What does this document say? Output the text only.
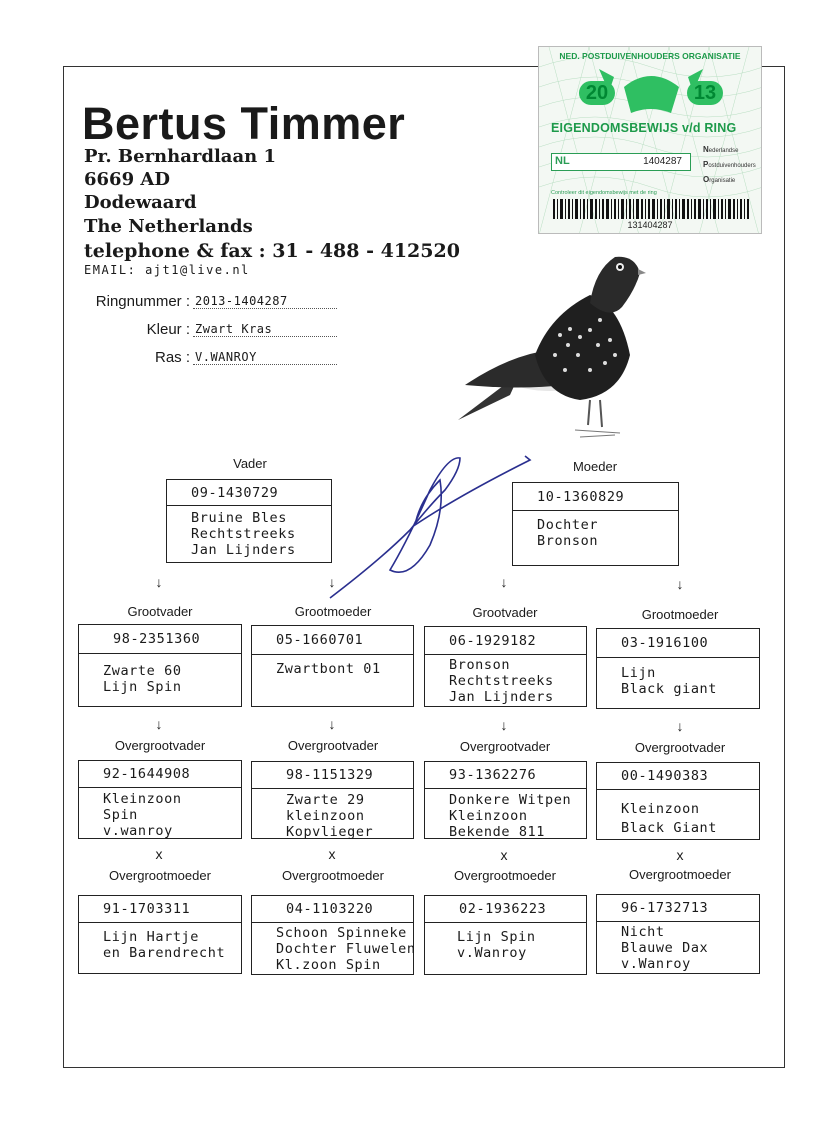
Bertus Timmer
Pr. Bernhardlaan 1
6669 AD
Dodewaard
The Netherlands
telephone & fax : 31 - 488 - 412520
EMAIL: ajt1@live.nl
Ringnummer : 2013-1404287
Kleur : Zwart Kras
Ras : V.WANROY
NED. POSTDUIVENHOUDERS ORGANISATIE
20	13
EIGENDOMSBEWIJS v/d RING
NL	1404287
Nederlandse
Postduivenhouders
Organisatie
Controleer dit eigendomsbewijs met de ring
131404287
Vader
09-1430729
Bruine Bles
Rechtstreeks
Jan Lijnders
Moeder
10-1360829
Dochter
Bronson
↓	↓	↓	↓
Grootvader	Grootmoeder	Grootvader	Grootmoeder
98-2351360
Zwarte 60
Lijn Spin
05-1660701
Zwartbont 01
06-1929182
Bronson
Rechtstreeks
Jan Lijnders
03-1916100
Lijn
Black giant
↓	↓	↓	↓
Overgrootvader	Overgrootvader	Overgrootvader	Overgrootvader
92-1644908
Kleinzoon
Spin
v.wanroy
98-1151329
Zwarte 29
kleinzoon
Kopvlieger
93-1362276
Donkere Witpen
Kleinzoon
Bekende 811
00-1490383
Kleinzoon
Black Giant
x	x	x	x
Overgrootmoeder	Overgrootmoeder	Overgrootmoeder	Overgrootmoeder
91-1703311
Lijn Hartje
en Barendrecht
04-1103220
Schoon Spinneke
Dochter Fluwelen
Kl.zoon Spin
02-1936223
Lijn Spin
v.Wanroy
96-1732713
Nicht
Blauwe Dax
v.Wanroy
